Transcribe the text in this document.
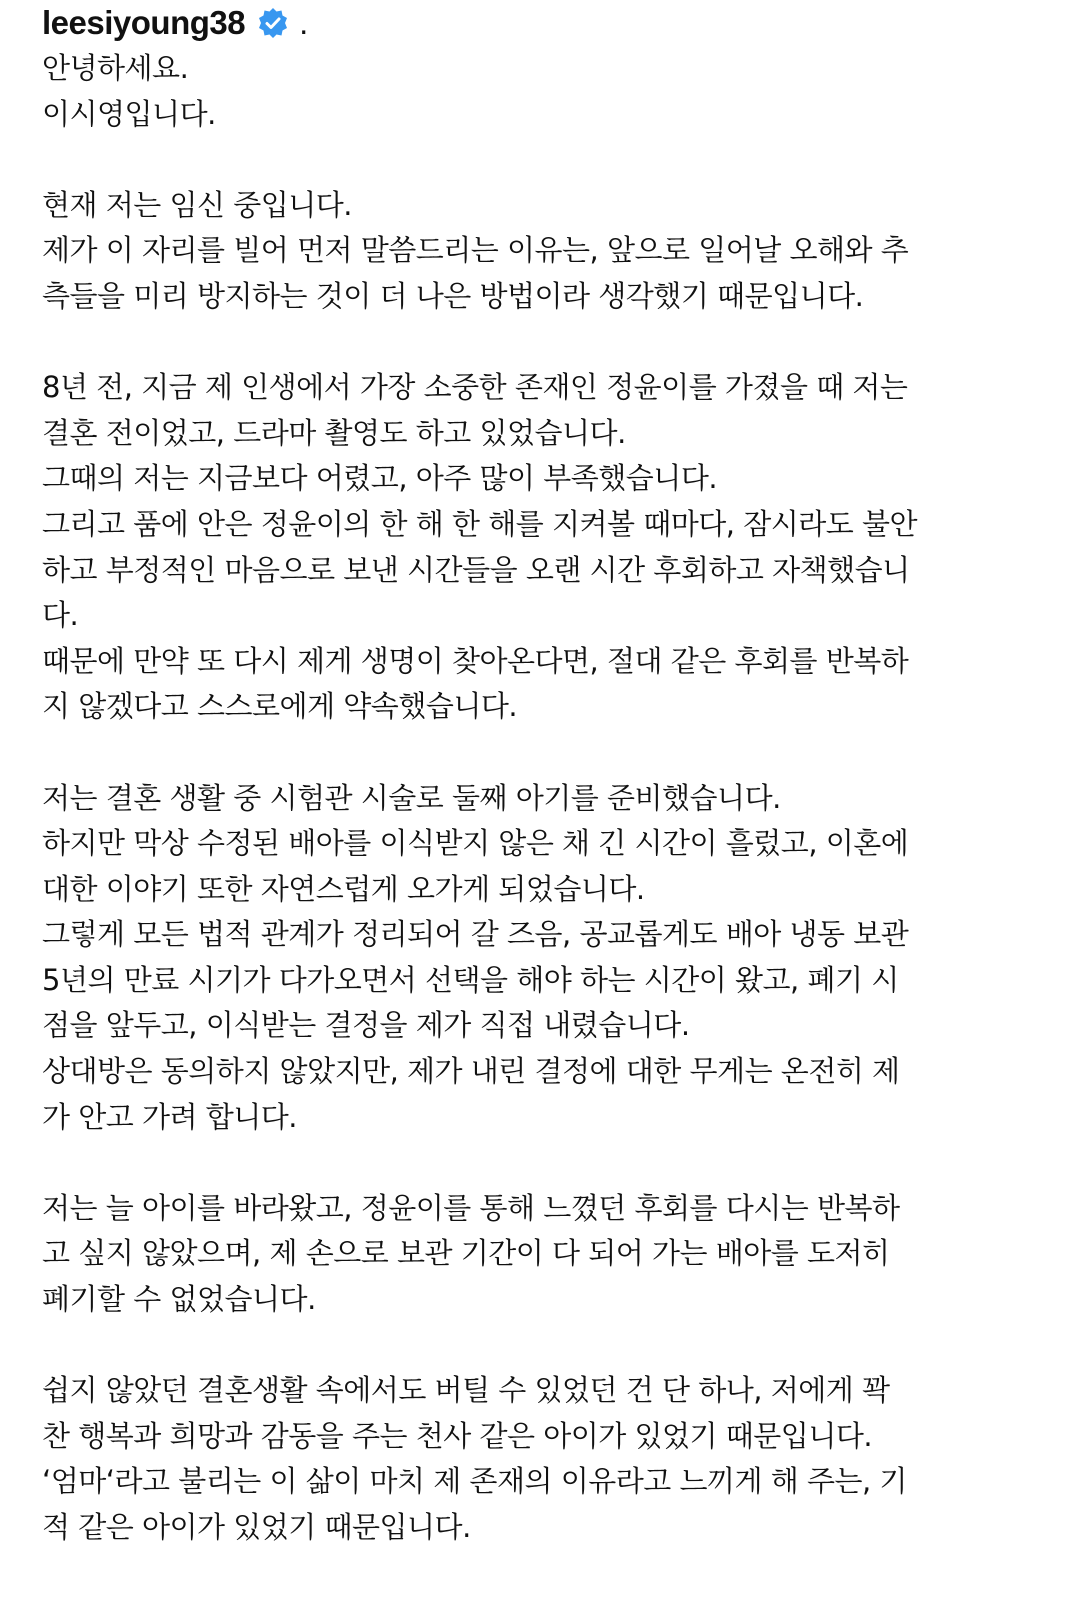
leesiyoung38 .
안녕하세요.
이시영입니다.
현재 저는 임신 중입니다.
제가 이 자리를 빌어 먼저 말씀드리는 이유는, 앞으로 일어날 오해와 추
측들을 미리 방지하는 것이 더 나은 방법이라 생각했기 때문입니다.
8년 전, 지금 제 인생에서 가장 소중한 존재인 정윤이를 가졌을 때 저는
결혼 전이었고, 드라마 촬영도 하고 있었습니다.
그때의 저는 지금보다 어렸고, 아주 많이 부족했습니다.
그리고 품에 안은 정윤이의 한 해 한 해를 지켜볼 때마다, 잠시라도 불안
하고 부정적인 마음으로 보낸 시간들을 오랜 시간 후회하고 자책했습니
다.
때문에 만약 또 다시 제게 생명이 찾아온다면, 절대 같은 후회를 반복하
지 않겠다고 스스로에게 약속했습니다.
저는 결혼 생활 중 시험관 시술로 둘째 아기를 준비했습니다.
하지만 막상 수정된 배아를 이식받지 않은 채 긴 시간이 흘렀고, 이혼에
대한 이야기 또한 자연스럽게 오가게 되었습니다.
그렇게 모든 법적 관계가 정리되어 갈 즈음, 공교롭게도 배아 냉동 보관
5년의 만료 시기가 다가오면서 선택을 해야 하는 시간이 왔고, 폐기 시
점을 앞두고, 이식받는 결정을 제가 직접 내렸습니다.
상대방은 동의하지 않았지만, 제가 내린 결정에 대한 무게는 온전히 제
가 안고 가려 합니다.
저는 늘 아이를 바라왔고, 정윤이를 통해 느꼈던 후회를 다시는 반복하
고 싶지 않았으며, 제 손으로 보관 기간이 다 되어 가는 배아를 도저히
폐기할 수 없었습니다.
쉽지 않았던 결혼생활 속에서도 버틸 수 있었던 건 단 하나, 저에게 꽉
찬 행복과 희망과 감동을 주는 천사 같은 아이가 있었기 때문입니다.
‘엄마‘라고 불리는 이 삶이 마치 제 존재의 이유라고 느끼게 해 주는, 기
적 같은 아이가 있었기 때문입니다.
